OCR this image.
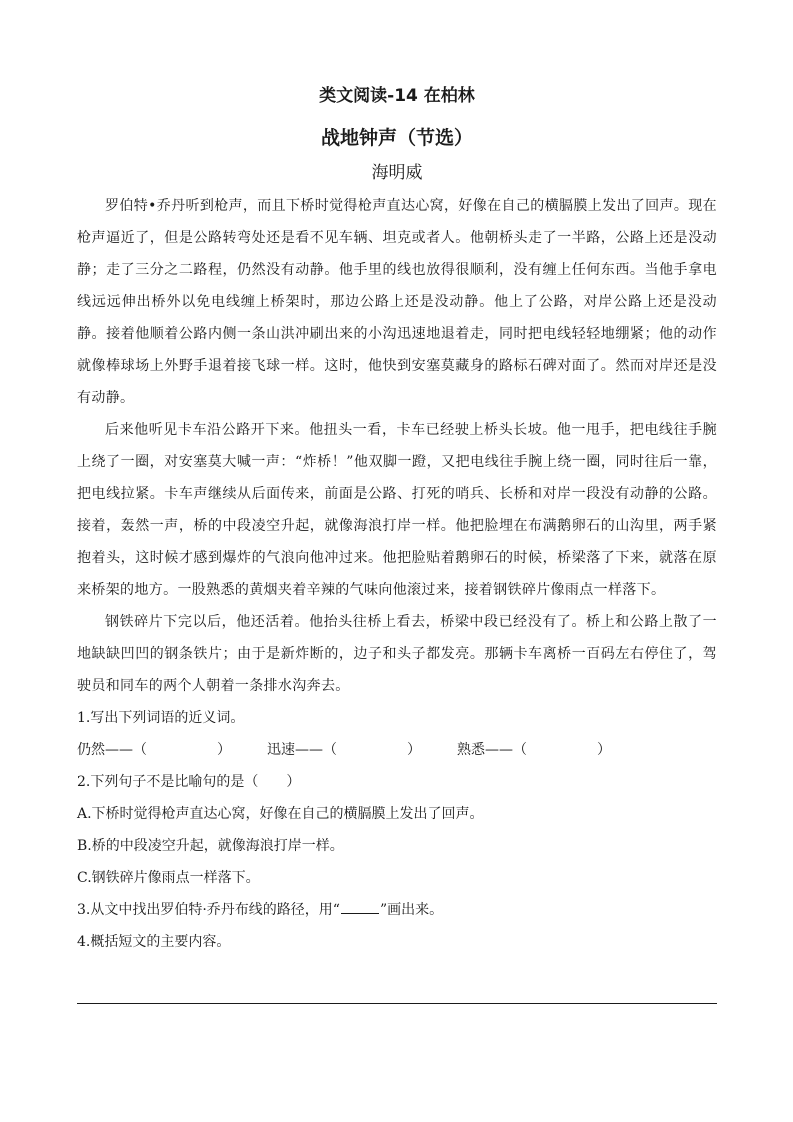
类文阅读-14 在柏林
战地钟声（节选）
海明威

罗伯特•乔丹听到枪声，而且下桥时觉得枪声直达心窝，好像在自己的横膈膜上发出了回声。现在枪声逼近了，但是公路转弯处还是看不见车辆、坦克或者人。他朝桥头走了一半路，公路上还是没动静；走了三分之二路程，仍然没有动静。他手里的线也放得很顺利，没有缠上任何东西。当他手拿电线远远伸出桥外以免电线缠上桥架时，那边公路上还是没动静。他上了公路，对岸公路上还是没动静。接着他顺着公路内侧一条山洪冲刷出来的小沟迅速地退着走，同时把电线轻轻地绷紧；他的动作就像棒球场上外野手退着接飞球一样。这时，他快到安塞莫藏身的路标石碑对面了。然而对岸还是没有动静。

后来他听见卡车沿公路开下来。他扭头一看，卡车已经驶上桥头长坡。他一甩手，把电线往手腕上绕了一圈，对安塞莫大喊一声：“炸桥！”他双脚一蹬，又把电线往手腕上绕一圈，同时往后一靠，把电线拉紧。卡车声继续从后面传来，前面是公路、打死的哨兵、长桥和对岸一段没有动静的公路。接着，轰然一声，桥的中段凌空升起，就像海浪打岸一样。他把脸埋在布满鹅卵石的山沟里，两手紧抱着头，这时候才感到爆炸的气浪向他冲过来。他把脸贴着鹅卵石的时候，桥梁落了下来，就落在原来桥架的地方。一股熟悉的黄烟夹着辛辣的气味向他滚过来，接着钢铁碎片像雨点一样落下。

钢铁碎片下完以后，他还活着。他抬头往桥上看去，桥梁中段已经没有了。桥上和公路上散了一地缺缺凹凹的钢条铁片；由于是新炸断的，边子和头子都发亮。那辆卡车离桥一百码左右停住了，驾驶员和同车的两个人朝着一条排水沟奔去。

1.写出下列词语的近义词。

仍然——（	）	迅速——（	）	熟悉——（	）

2.下列句子不是比喻句的是（　　）

A.下桥时觉得枪声直达心窝，好像在自己的横膈膜上发出了回声。

B.桥的中段凌空升起，就像海浪打岸一样。

C.钢铁碎片像雨点一样落下。

3.从文中找出罗伯特·乔丹布线的路径，用“	”画出来。

4.概括短文的主要内容。
